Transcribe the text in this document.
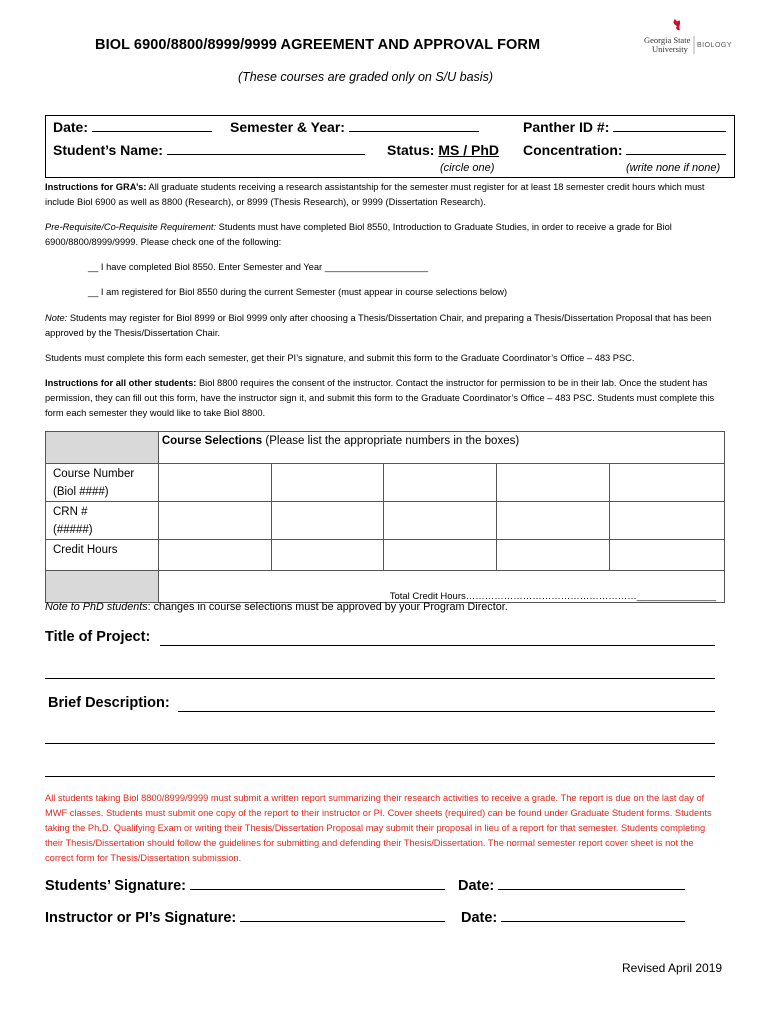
BIOL 6900/8800/8999/9999 AGREEMENT AND APPROVAL FORM
(These courses are graded only on S/U basis)
Georgia State
University BIOLOGY
Date:	Semester & Year:	Panther ID #:
Student’s Name:	Status: MS / PhD Concentration:
(circle one)	(write none if none)
Instructions for GRA’s: All graduate students receiving a research assistantship for the semester must register for at least 18 semester credit hours which must include Biol 6900 as well as 8800 (Research), or 8999 (Thesis Research), or 9999 (Dissertation Research).
Pre-Requisite/Co-Requisite Requirement: Students must have completed Biol 8550, Introduction to Graduate Studies, in order to receive a grade for Biol 6900/8800/8999/9999. Please check one of the following:
__ I have completed Biol 8550. Enter Semester and Year ____________________
__ I am registered for Biol 8550 during the current Semester (must appear in course selections below)
Note: Students may register for Biol 8999 or Biol 9999 only after choosing a Thesis/Dissertation Chair, and preparing a Thesis/Dissertation Proposal that has been approved by the Thesis/Dissertation Chair.
Students must complete this form each semester, get their PI’s signature, and submit this form to the Graduate Coordinator’s Office – 483 PSC.
Instructions for all other students: Biol 8800 requires the consent of the instructor. Contact the instructor for permission to be in their lab. Once the student has permission, they can fill out this form, have the instructor sign it, and submit this form to the Graduate Coordinator’s Office – 483 PSC. Students must complete this form each semester they would like to take Biol 8800.
	Course Selections (Please list the appropriate numbers in the boxes)				

Course Number
(Biol ####)					

CRN #
(#####)					

Credit Hours					

	Total Credit Hours………………………………………………_______________				
Note to PhD students: changes in course selections must be approved by your Program Director.
Title of Project:
Brief Description:
All students taking Biol 8800/8999/9999 must submit a written report summarizing their research activities to receive a grade. The report is due on the last day of MWF classes. Students must submit one copy of the report to their instructor or PI. Cover sheets (required) can be found under Graduate Student forms. Students taking the Ph.D. Qualifying Exam or writing their Thesis/Dissertation Proposal may submit their proposal in lieu of a report for that semester. Students completing their Thesis/Dissertation should follow the guidelines for submitting and defending their Thesis/Dissertation. The normal semester report cover sheet is not the correct form for Thesis/Dissertation submission.
Students’ Signature:	Date:
Instructor or PI’s Signature:	Date:
Revised April 2019
